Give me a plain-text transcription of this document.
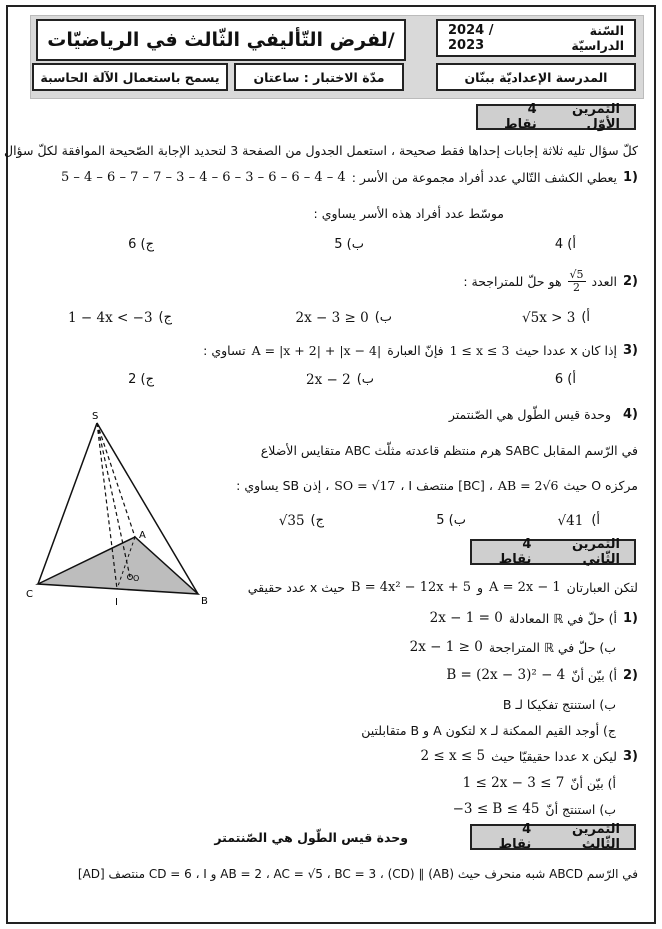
/لفرض التّأليفي الثّالث في الرياضيّات	2024 / 2023
السّنة الدراسيّة
يسمح باستعمال الآلة الحاسبة	مدّة الاختبار : ساعتان	المدرسة الإعداديّة ببنّان
4 نقاط
التمرين الأوّل
كلّ سؤال تليه ثلاثة إجابات إحداها فقط صحيحة ، استعمل الجدول من الصفحة 3 لتحديد الإجابة الصّحيحة الموافقة لكلّ سؤال
1)
يعطي الكشف التّالي عدد أفراد مجموعة من الأسر :
5 – 4 – 6 – 7 – 7 – 3 – 4 – 6 – 3 – 6 – 6 – 4 – 4
موسّط عدد أفراد هذه الأسر يساوي :
أ) 4
ب) 5
ج) 6
2)
العدد
$\frac{√5}{2}$
هو حلّ للمتراجحة :
أ)
√5x > 3
ب)
2x − 3 ≥ 0
ج)
1 − 4x < −3
3)
إذا كان x عددا حيث
1 ≤ x ≤ 3
فإنّ العبارة
A = |x + 2| + |x − 4|
تساوي :
أ) 6
ب)
2x − 2
ج) 2
4)
وحدة قيس الطّول هي الصّنتمتر
في الرّسم المقابل SABC هرم منتظم قاعدته مثلّث ABC متقايس الأضلاع
مركزه O حيث
AB = 2√6
، I منتصف [BC] ،
SO = √17
، إذن SB يساوي :
أ)
√41
ب) 5
ج)
√35
S
A
B
C
I
O
4 نقاط
التمرين الثّاني
لتكن العبارتان
A = 2x − 1
و
B = 4x² − 12x + 5
حيث x عدد حقيقي
1)
أ) حلّ في ℝ المعادلة
2x − 1 = 0
ب) حلّ في ℝ المتراجحة
2x − 1 ≥ 0
2)
أ) بيّن أنّ
B = (2x − 3)² − 4
ب) استنتج تفكيكا لـ B
ج) أوجد القيم الممكنة لـ x لتكون A و B متقابلتين
3)
ليكن x عددا حقيقيّا حيث
2 ≤ x ≤ 5
أ) بيّن أنّ
1 ≤ 2x − 3 ≤ 7
ب) استنتج أنّ
−3 ≤ B ≤ 45
4 نقاط
التمرين الثّالث
وحدة قيس الطّول هي الصّنتمتر
في الرّسم ABCD شبه منحرف حيث (AB) ∥ (CD) ، AB = 2 ، AC = √5 ، BC = 3 و CD = 6 ، I منتصف [AD]
